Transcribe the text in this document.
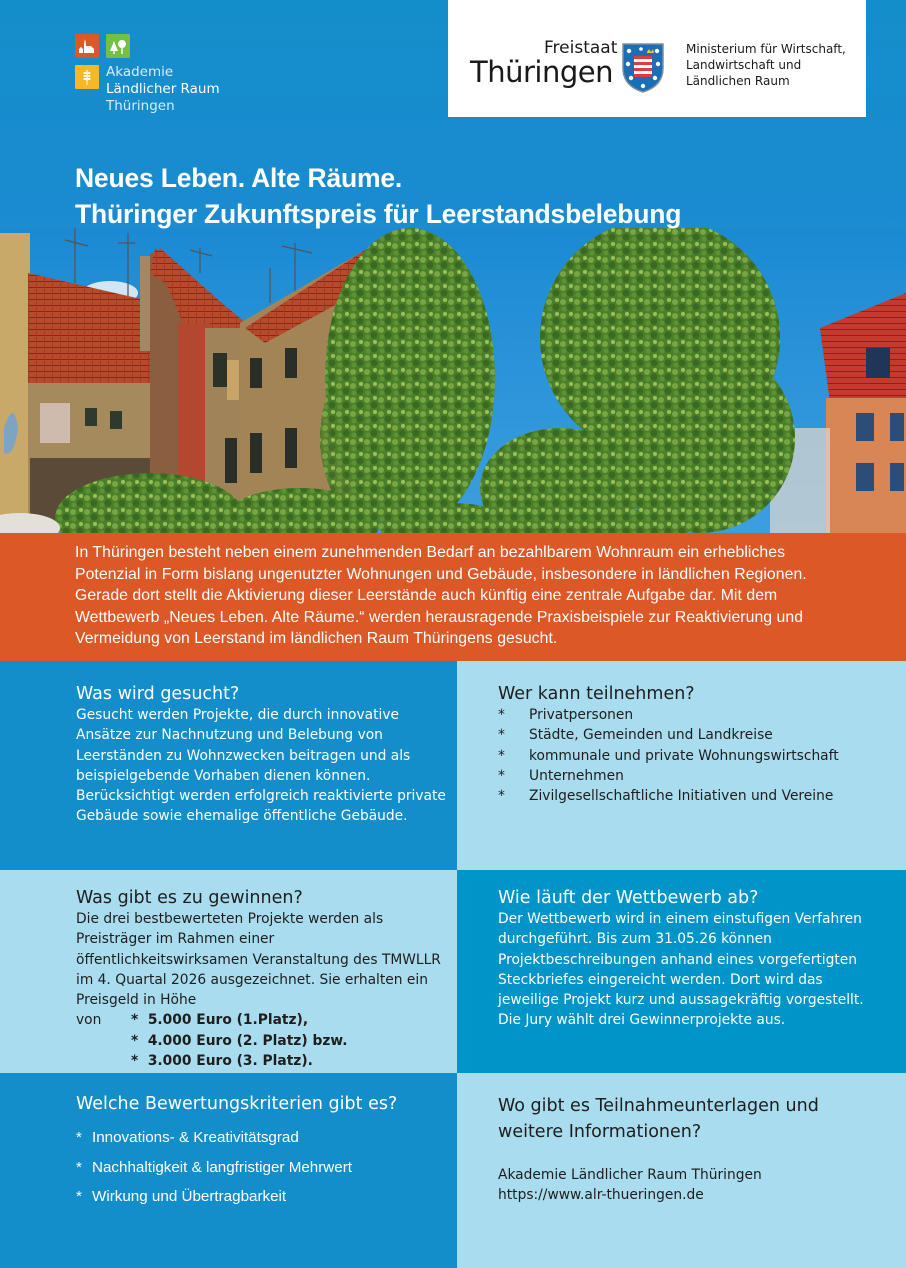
Akademie
Ländlicher Raum
Thüringen
Freistaat
Thüringen
Ministerium für Wirtschaft,
Landwirtschaft und
Ländlichen Raum
Neues Leben. Alte Räume.
Thüringer Zukunftspreis für Leerstandsbelebung

In Thüringen besteht neben einem zunehmenden Bedarf an bezahlbarem Wohnraum ein erhebliches Potenzial in Form bislang ungenutzter Wohnungen und Gebäude, insbesondere in ländlichen Regionen. Gerade dort stellt die Aktivierung dieser Leerstände auch künftig eine zentrale Aufgabe dar. Mit dem Wettbewerb „Neues Leben. Alte Räume.“ werden herausragende Praxisbeispiele zur Reaktivierung und Vermeidung von Leerstand im ländlichen Raum Thüringens gesucht.

Was wird gesucht?

Gesucht werden Projekte, die durch innovative Ansätze zur Nachnutzung und Belebung von Leerständen zu Wohnzwecken beitragen und als beispielgebende Vorhaben dienen können. Berücksichtigt werden erfolgreich reaktivierte private Gebäude sowie ehemalige öffentliche Gebäude.

Wer kann teilnehmen?
*	Privatpersonen
*	Städte, Gemeinden und Landkreise
*	kommunale und private Wohnungswirtschaft
*	Unternehmen
*	Zivilgesellschaftliche Initiativen und Vereine
Was gibt es zu gewinnen?

Die drei bestbewerteten Projekte werden als Preisträger im Rahmen einer öffentlichkeitswirksamen Veranstaltung des TMWLLR im 4. Quartal 2026 ausgezeichnet. Sie erhalten ein Preisgeld in Höhe

von	* 5.000 Euro (1.Platz),
* 4.000 Euro (2. Platz) bzw.
* 3.000 Euro (3. Platz).
Wie läuft der Wettbewerb ab?

Der Wettbewerb wird in einem einstufigen Verfahren durchgeführt. Bis zum 31.05.26 können Projektbeschreibungen anhand eines vorgefertigten Steckbriefes eingereicht werden. Dort wird das jeweilige Projekt kurz und aussagekräftig vorgestellt. Die Jury wählt drei Gewinnerprojekte aus.

Welche Bewertungskriterien gibt es?
* Innovations- & Kreativitätsgrad
* Nachhaltigkeit & langfristiger Mehrwert
* Wirkung und Übertragbarkeit
Wo gibt es Teilnahmeunterlagen und weitere Informationen?

Akademie Ländlicher Raum Thüringen

https://www.alr-thueringen.de
